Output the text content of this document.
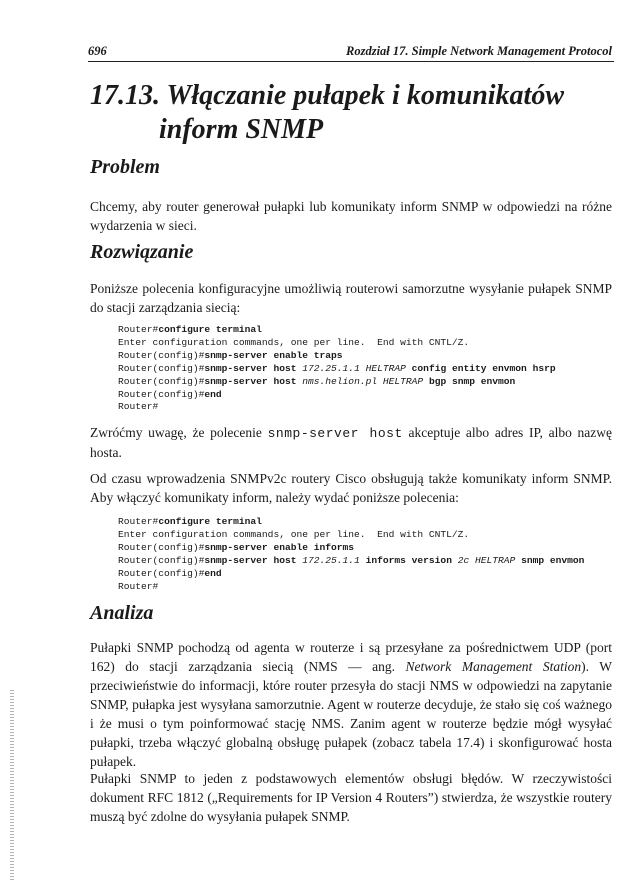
696	Rozdział 17. Simple Network Management Protocol
17.13. Włączanie pułapek i komunikatów
inform SNMP
Problem

Chcemy, aby router generował pułapki lub komunikaty inform SNMP w odpowiedzi na różne wydarzenia w sieci.

Rozwiązanie

Poniższe polecenia konfiguracyjne umożliwią routerowi samorzutne wysyłanie pułapek SNMP do stacji zarządzania siecią:

Router#configure terminal
Enter configuration commands, one per line.  End with CNTL/Z.
Router(config)#snmp-server enable traps
Router(config)#snmp-server host 172.25.1.1 HELTRAP config entity envmon hsrp
Router(config)#snmp-server host nms.helion.pl HELTRAP bgp snmp envmon
Router(config)#end
Router#

Zwróćmy uwagę, że polecenie snmp-server host akceptuje albo adres IP, albo nazwę hosta.

Od czasu wprowadzenia SNMPv2c routery Cisco obsługują także komunikaty inform SNMP. Aby włączyć komunikaty inform, należy wydać poniższe polecenia:

Router#configure terminal
Enter configuration commands, one per line.  End with CNTL/Z.
Router(config)#snmp-server enable informs
Router(config)#snmp-server host 172.25.1.1 informs version 2c HELTRAP snmp envmon
Router(config)#end
Router#
Analiza

Pułapki SNMP pochodzą od agenta w routerze i są przesyłane za pośrednictwem UDP (port 162) do stacji zarządzania siecią (NMS — ang. Network Management Station). W przeciwieństwie do informacji, które router przesyła do stacji NMS w odpowiedzi na zapytanie SNMP, pułapka jest wysyłana samorzutnie. Agent w routerze decyduje, że stało się coś ważnego i że musi o tym poinformować stację NMS. Zanim agent w routerze będzie mógł wysyłać pułapki, trzeba włączyć globalną obsługę pułapek (zobacz tabela 17.4) i skonfigurować hosta pułapek.

Pułapki SNMP to jeden z podstawowych elementów obsługi błędów. W rzeczywistości dokument RFC 1812 („Requirements for IP Version 4 Routers”) stwierdza, że wszystkie routery muszą być zdolne do wysyłania pułapek SNMP.
